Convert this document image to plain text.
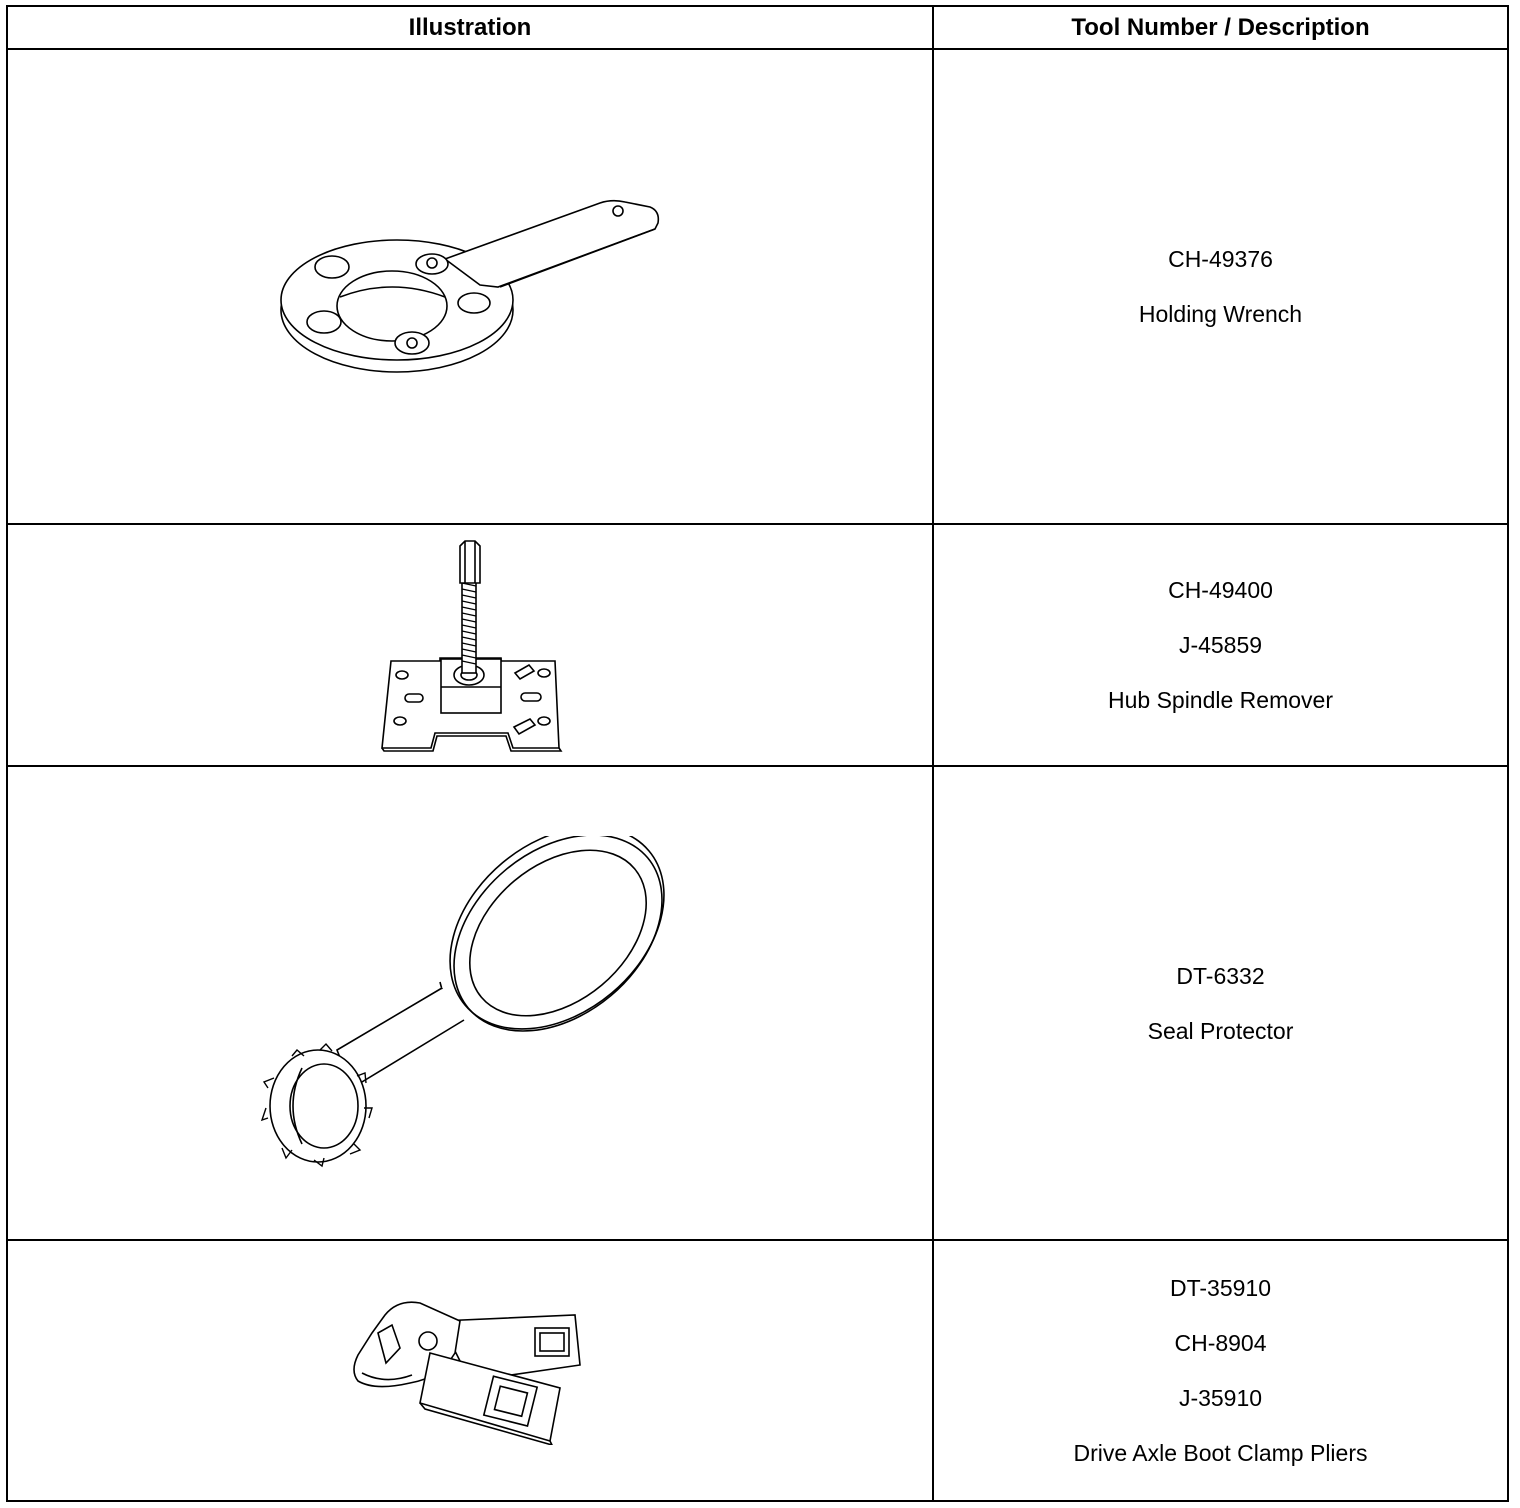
Illustration	Tool Number / Description

CH-49376
Holding Wrench

CH-49400
J-45859
Hub Spindle Remover

DT-6332
Seal Protector

DT-35910
CH-8904
J-35910
Drive Axle Boot Clamp Pliers
